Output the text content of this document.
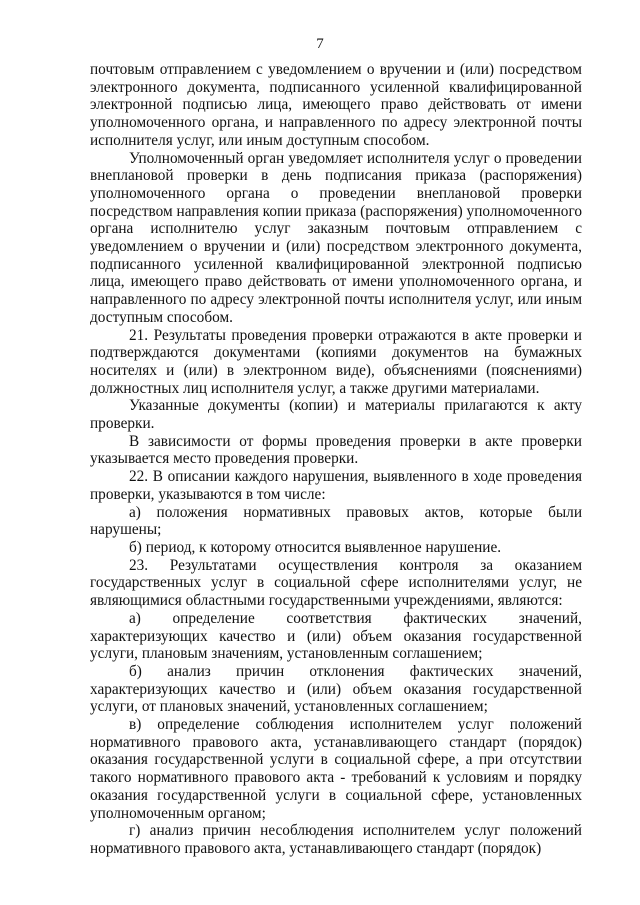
7

почтовым отправлением с уведомлением о вручении и (или) посредством электронного документа, подписанного усиленной квалифицированной электронной подписью лица, имеющего право действовать от имени уполномоченного органа, и направленного по адресу электронной почты исполнителя услуг, или иным доступным способом.

Уполномоченный орган уведомляет исполнителя услуг о проведении внеплановой проверки в день подписания приказа (распоряжения) уполномоченного органа о проведении внеплановой проверки посредством направления копии приказа (распоряжения) уполномоченного органа исполнителю услуг заказным почтовым отправлением с уведомлением о вручении и (или) посредством электронного документа, подписанного усиленной квалифицированной электронной подписью лица, имеющего право действовать от имени уполномоченного органа, и направленного по адресу электронной почты исполнителя услуг, или иным доступным способом.

21. Результаты проведения проверки отражаются в акте проверки и подтверждаются документами (копиями документов на бумажных носителях и (или) в электронном виде), объяснениями (пояснениями) должностных лиц исполнителя услуг, а также другими материалами.

Указанные документы (копии) и материалы прилагаются к акту проверки.

В зависимости от формы проведения проверки в акте проверки указывается место проведения проверки.

22. В описании каждого нарушения, выявленного в ходе проведения проверки, указываются в том числе:

а) положения нормативных правовых актов, которые были нарушены;

б) период, к которому относится выявленное нарушение.

23. Результатами осуществления контроля за оказанием государственных услуг в социальной сфере исполнителями услуг, не являющимися областными государственными учреждениями, являются:

а) определение соответствия фактических значений, характеризующих качество и (или) объем оказания государственной услуги, плановым значениям, установленным соглашением;

б) анализ причин отклонения фактических значений, характеризующих качество и (или) объем оказания государственной услуги, от плановых значений, установленных соглашением;

в) определение соблюдения исполнителем услуг положений нормативного правового акта, устанавливающего стандарт (порядок) оказания государственной услуги в социальной сфере, а при отсутствии такого нормативного правового акта - требований к условиям и порядку оказания государственной услуги в социальной сфере, установленных уполномоченным органом;

г) анализ причин несоблюдения исполнителем услуг положений нормативного правового акта, устанавливающего стандарт (порядок)
